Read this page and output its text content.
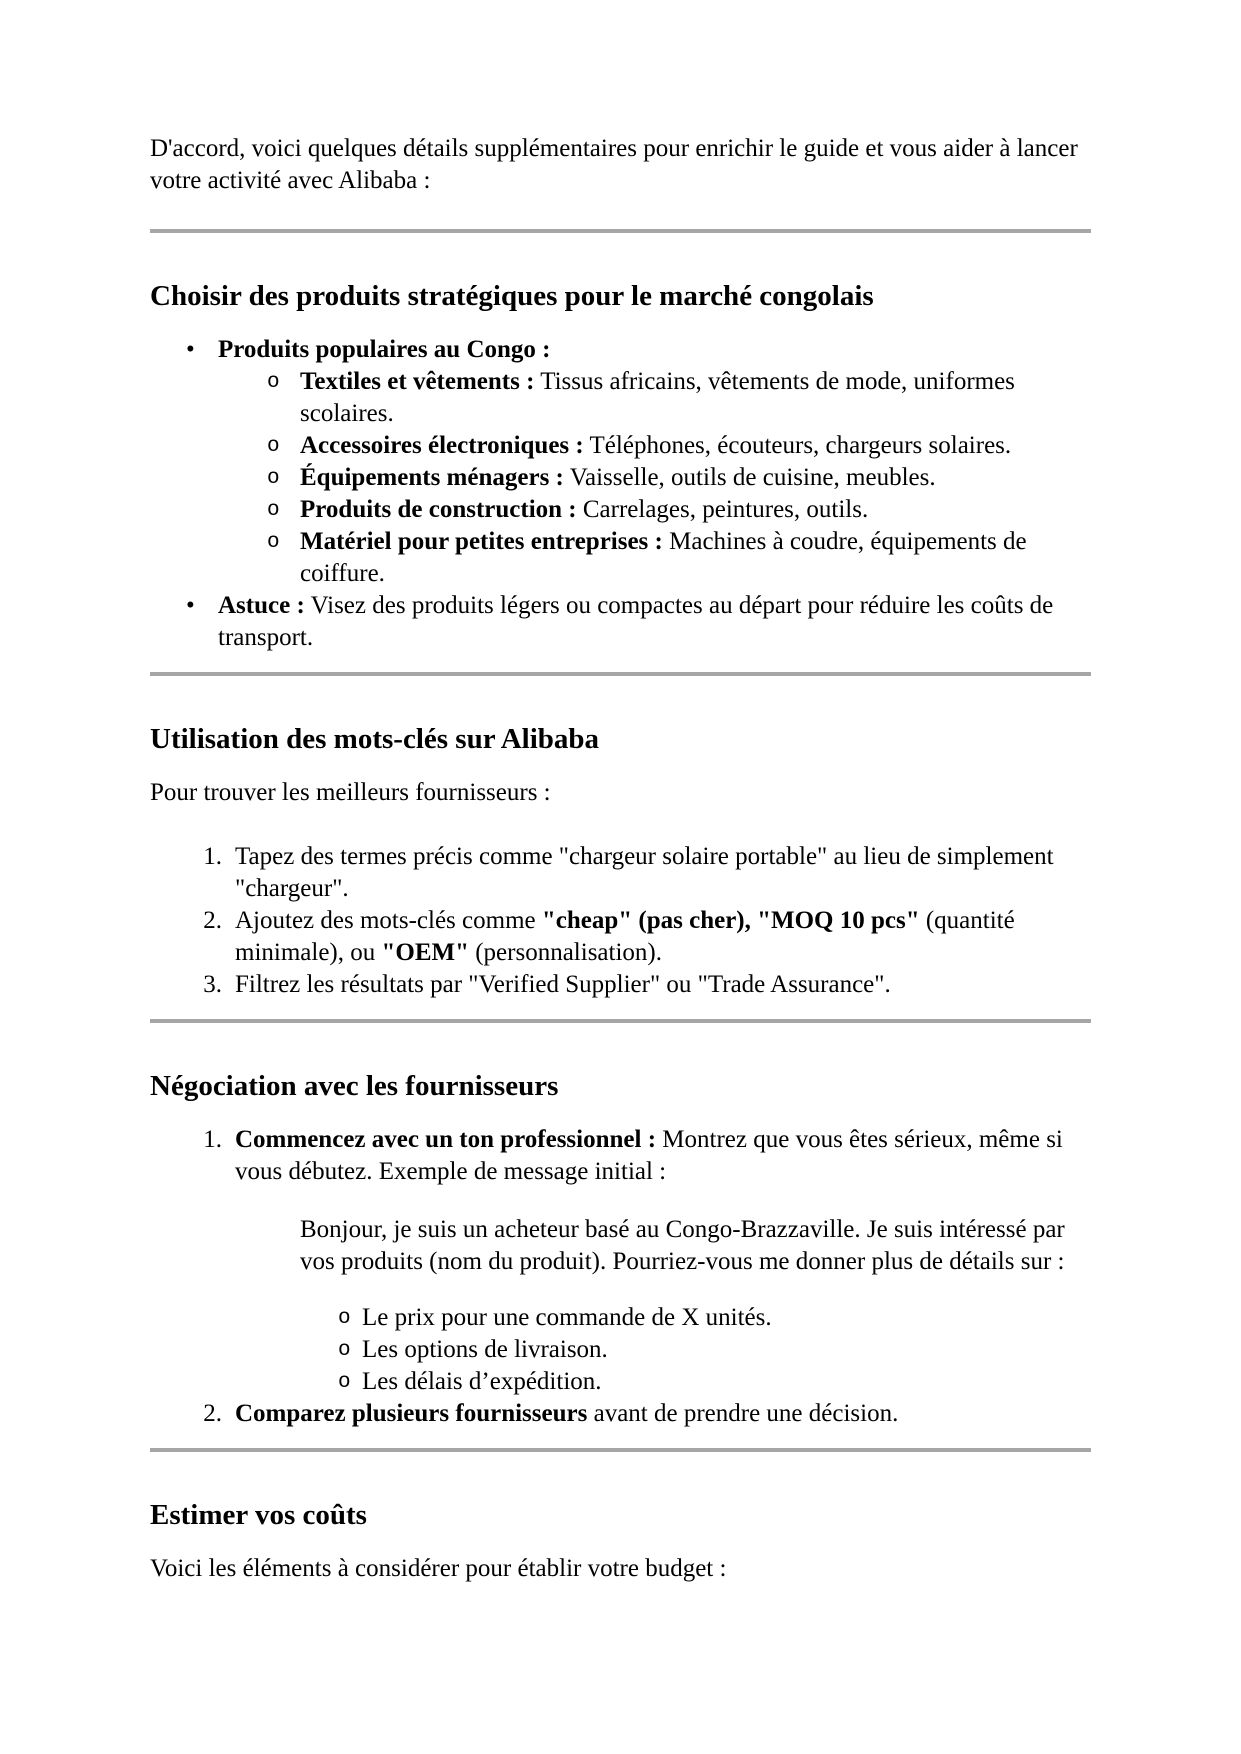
D'accord, voici quelques détails supplémentaires pour enrichir le guide et vous aider à lancer votre activité avec Alibaba :

Choisir des produits stratégiques pour le marché congolais
• Produits populaires au Congo :
o Textiles et vêtements : Tissus africains, vêtements de mode, uniformes scolaires.
o Accessoires électroniques : Téléphones, écouteurs, chargeurs solaires.
o Équipements ménagers : Vaisselle, outils de cuisine, meubles.
o Produits de construction : Carrelages, peintures, outils.
o Matériel pour petites entreprises : Machines à coudre, équipements de coiffure.
• Astuce : Visez des produits légers ou compactes au départ pour réduire les coûts de transport.
Utilisation des mots-clés sur Alibaba

Pour trouver les meilleurs fournisseurs :

1. Tapez des termes précis comme "chargeur solaire portable" au lieu de simplement "chargeur".
2. Ajoutez des mots-clés comme "cheap" (pas cher), "MOQ 10 pcs" (quantité minimale), ou "OEM" (personnalisation).
3. Filtrez les résultats par "Verified Supplier" ou "Trade Assurance".
Négociation avec les fournisseurs
1. Commencez avec un ton professionnel : Montrez que vous êtes sérieux, même si vous débutez. Exemple de message initial :
Bonjour, je suis un acheteur basé au Congo-Brazzaville. Je suis intéressé par vos produits (nom du produit). Pourriez-vous me donner plus de détails sur :
o Le prix pour une commande de X unités.
o Les options de livraison.
o Les délais d’expédition.
2. Comparez plusieurs fournisseurs avant de prendre une décision.
Estimer vos coûts

Voici les éléments à considérer pour établir votre budget :
